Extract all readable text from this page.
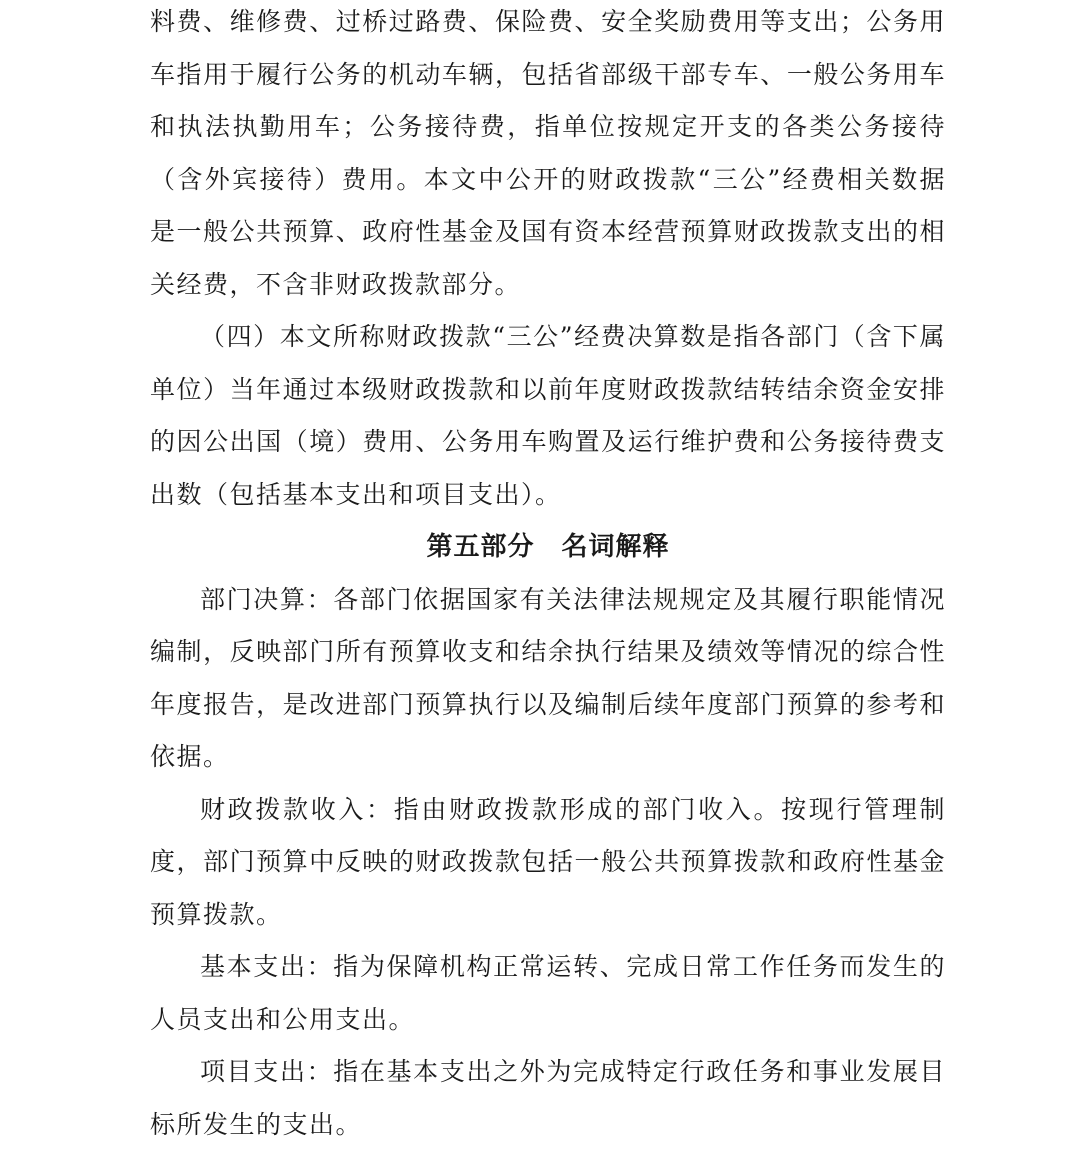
料费、维修费、过桥过路费、保险费、安全奖励费用等支出；公务用车指用于履行公务的机动车辆，包括省部级干部专车、一般公务用车和执法执勤用车；公务接待费，指单位按规定开支的各类公务接待（含外宾接待）费用。本文中公开的财政拨款“三公”经费相关数据是一般公共预算、政府性基金及国有资本经营预算财政拨款支出的相关经费，不含非财政拨款部分。

（四）本文所称财政拨款“三公”经费决算数是指各部门（含下属单位）当年通过本级财政拨款和以前年度财政拨款结转结余资金安排的因公出国（境）费用、公务用车购置及运行维护费和公务接待费支出数（包括基本支出和项目支出）。

第五部分　名词解释

部门决算：各部门依据国家有关法律法规规定及其履行职能情况编制，反映部门所有预算收支和结余执行结果及绩效等情况的综合性年度报告，是改进部门预算执行以及编制后续年度部门预算的参考和依据。

财政拨款收入：指由财政拨款形成的部门收入。按现行管理制度，部门预算中反映的财政拨款包括一般公共预算拨款和政府性基金预算拨款。

基本支出：指为保障机构正常运转、完成日常工作任务而发生的人员支出和公用支出。

项目支出：指在基本支出之外为完成特定行政任务和事业发展目标所发生的支出。
